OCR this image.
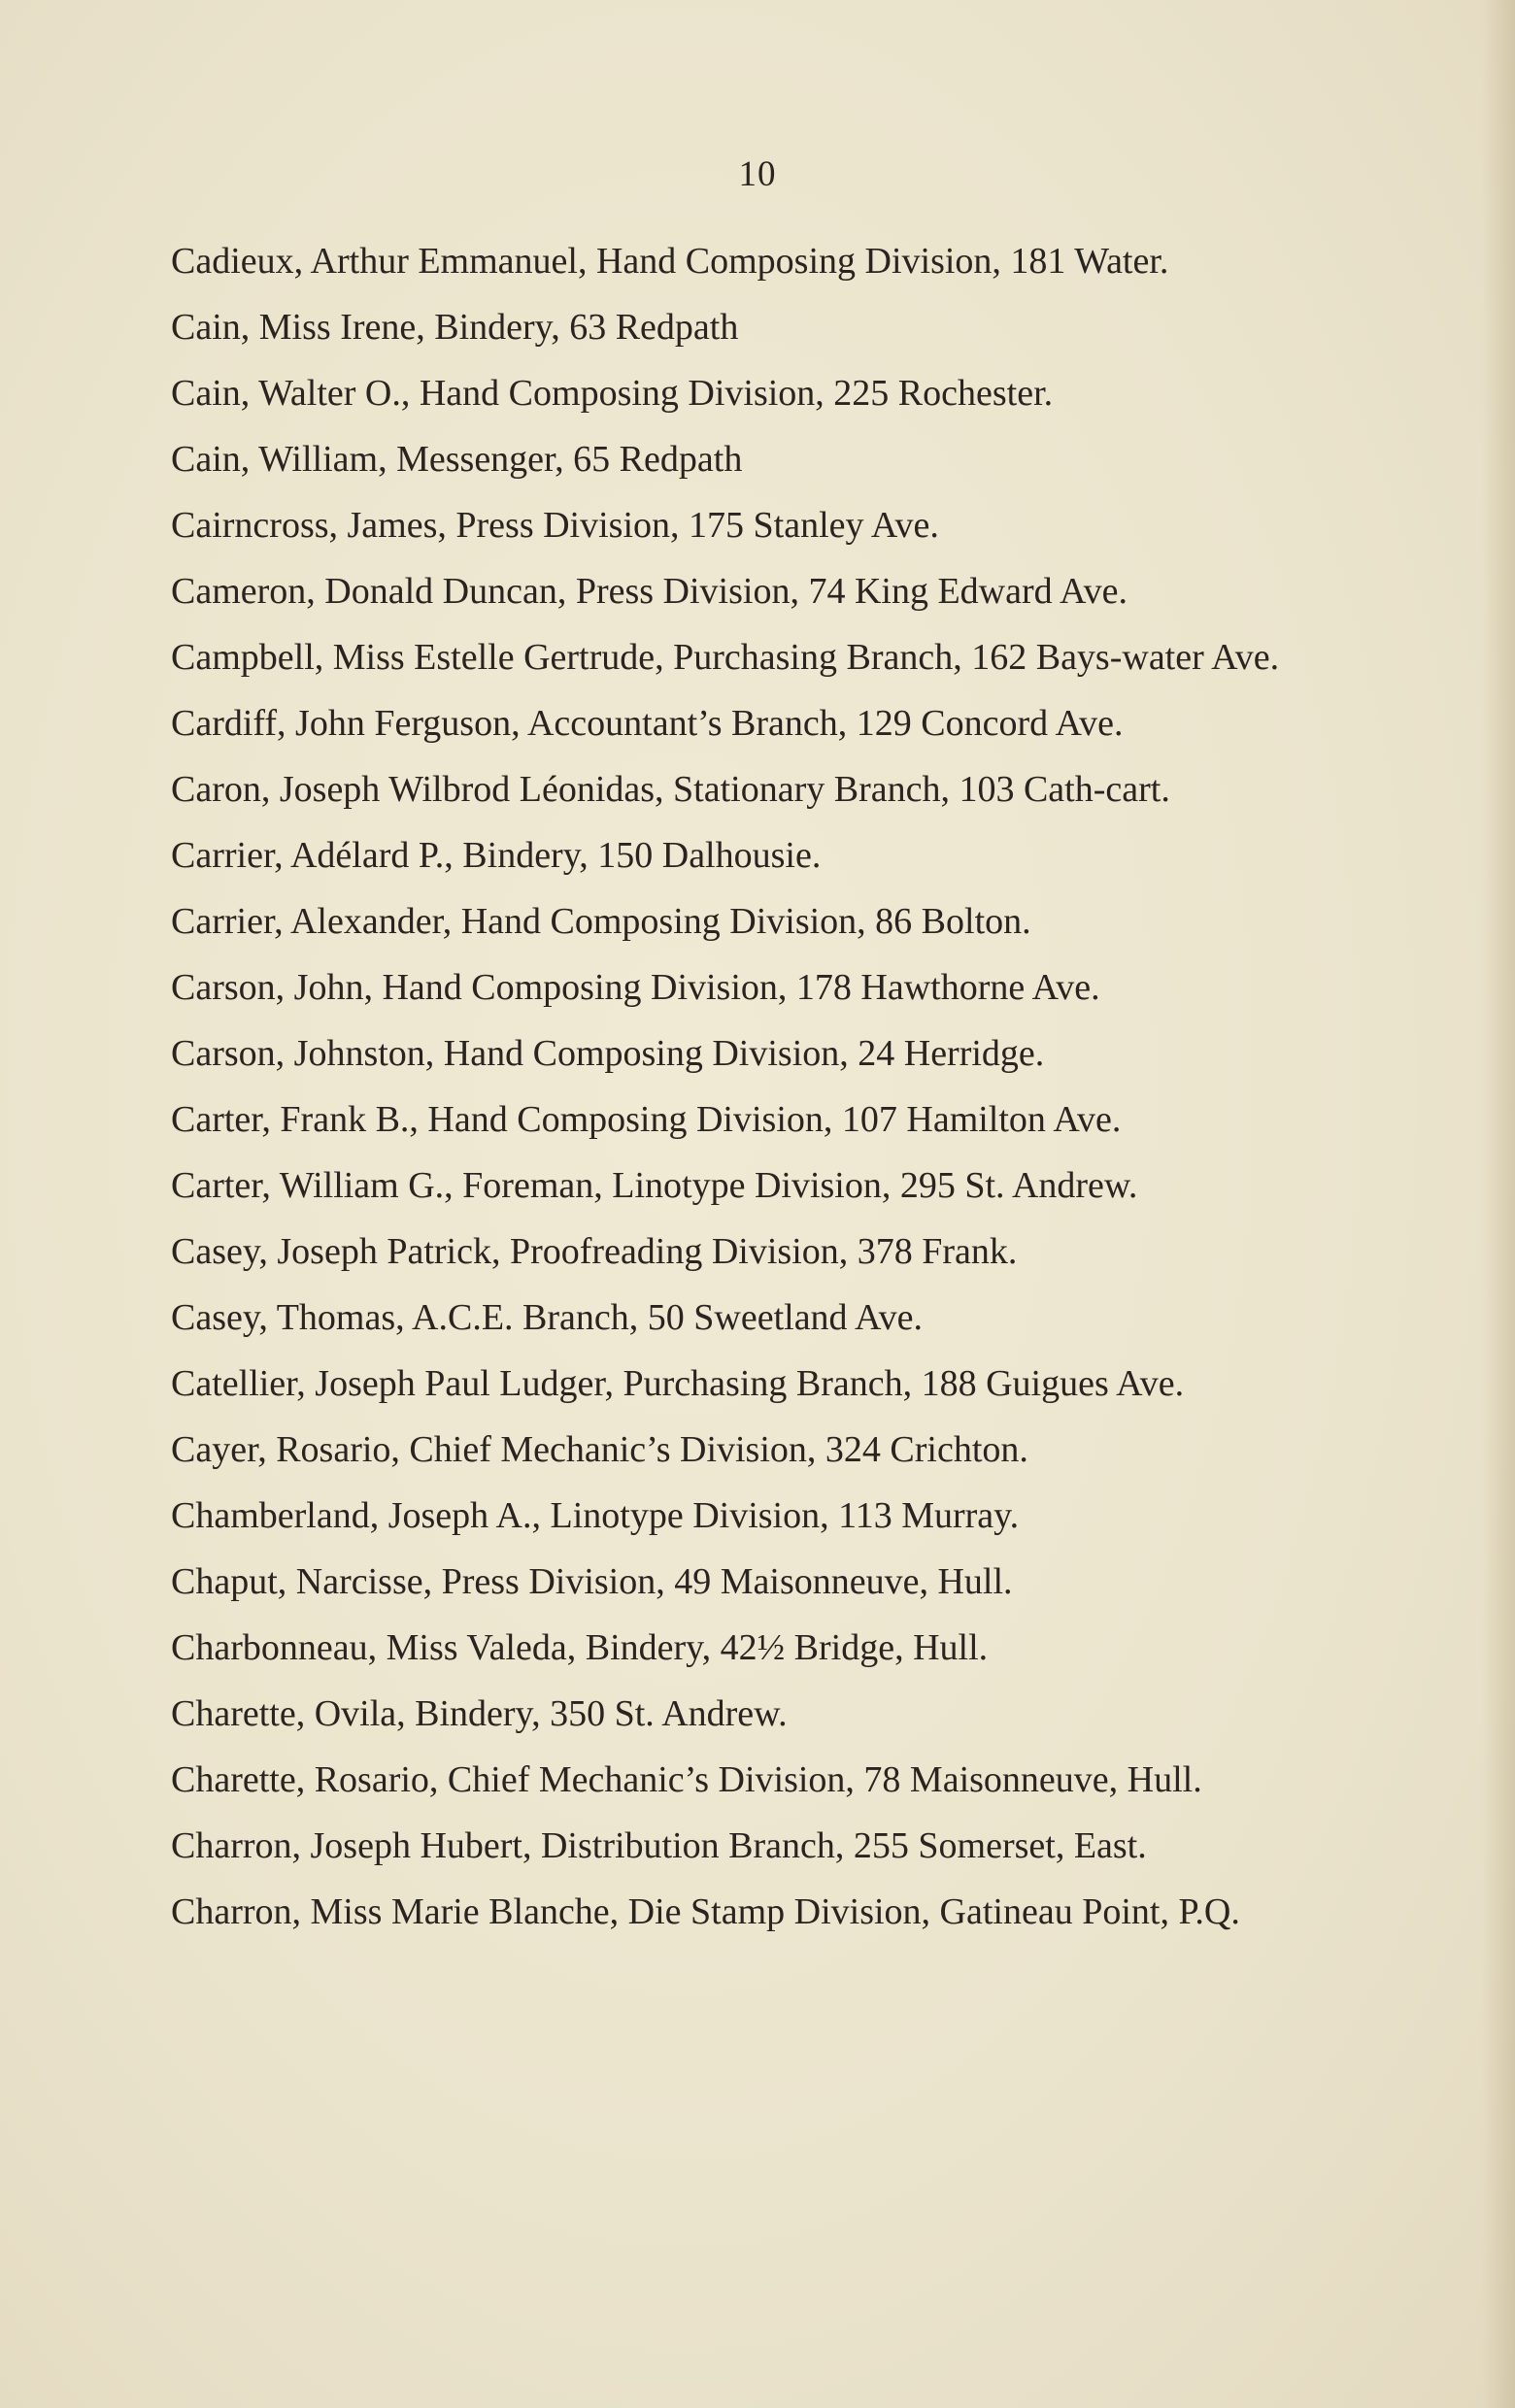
10
Cadieux, Arthur Emmanuel, Hand Composing Division, 181 Water.
Cain, Miss Irene, Bindery, 63 Redpath
Cain, Walter O., Hand Composing Division, 225 Rochester.
Cain, William, Messenger, 65 Redpath
Cairncross, James, Press Division, 175 Stanley Ave.
Cameron, Donald Duncan, Press Division, 74 King Edward Ave.
Campbell, Miss Estelle Gertrude, Purchasing Branch, 162 Bays-water Ave.
Cardiff, John Ferguson, Accountant’s Branch, 129 Concord Ave.
Caron, Joseph Wilbrod Léonidas, Stationary Branch, 103 Cath-cart.
Carrier, Adélard P., Bindery, 150 Dalhousie.
Carrier, Alexander, Hand Composing Division, 86 Bolton.
Carson, John, Hand Composing Division, 178 Hawthorne Ave.
Carson, Johnston, Hand Composing Division, 24 Herridge.
Carter, Frank B., Hand Composing Division, 107 Hamilton Ave.
Carter, William G., Foreman, Linotype Division, 295 St. Andrew.
Casey, Joseph Patrick, Proofreading Division, 378 Frank.
Casey, Thomas, A.C.E. Branch, 50 Sweetland Ave.
Catellier, Joseph Paul Ludger, Purchasing Branch, 188 Guigues Ave.
Cayer, Rosario, Chief Mechanic’s Division, 324 Crichton.
Chamberland, Joseph A., Linotype Division, 113 Murray.
Chaput, Narcisse, Press Division, 49 Maisonneuve, Hull.
Charbonneau, Miss Valeda, Bindery, 42½ Bridge, Hull.
Charette, Ovila, Bindery, 350 St. Andrew.
Charette, Rosario, Chief Mechanic’s Division, 78 Maisonneuve, Hull.
Charron, Joseph Hubert, Distribution Branch, 255 Somerset, East.
Charron, Miss Marie Blanche, Die Stamp Division, Gatineau Point, P.Q.
